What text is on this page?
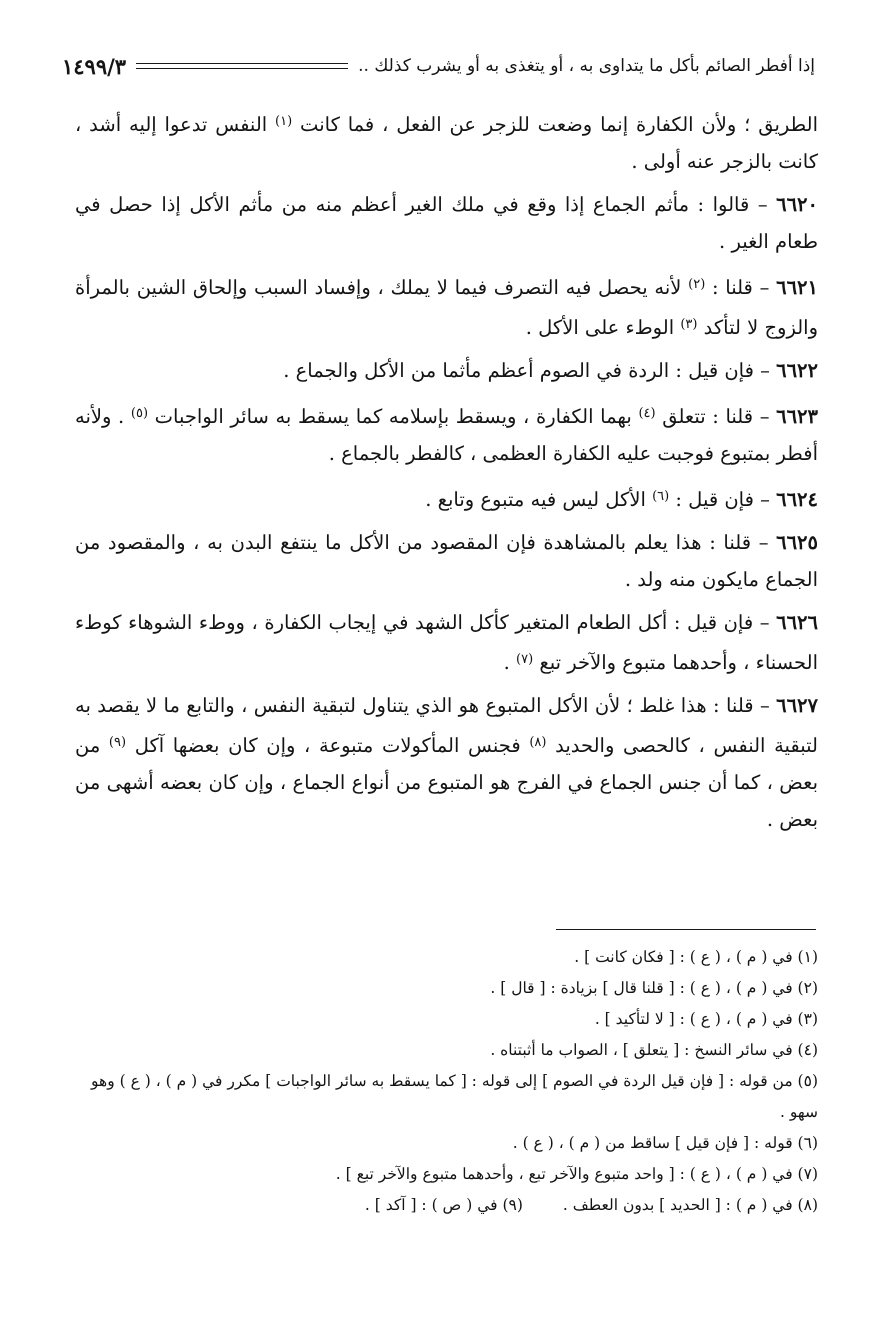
إذا أفطر الصائم بأكل ما يتداوى به ، أو يتغذى به أو يشرب كذلك ..
١٤٩٩/٣

الطريق ؛ ولأن الكفارة إنما وضعت للزجر عن الفعل ، فما كانت $^{(١)}$ النفس تدعوا إليه أشد ، كانت بالزجر عنه أولى .

٦٦٢٠ – قالوا : مأثم الجماع إذا وقع في ملك الغير أعظم منه من مأثم الأكل إذا حصل في طعام الغير .

٦٦٢١ – قلنا : $^{(٢)}$ لأنه يحصل فيه التصرف فيما لا يملك ، وإفساد السبب وإلحاق الشين بالمرأة والزوج لا لتأكد $^{(٣)}$ الوطء على الأكل .

٦٦٢٢ – فإن قيل : الردة في الصوم أعظم مأثما من الأكل والجماع .

٦٦٢٣ – قلنا : تتعلق $^{(٤)}$ بهما الكفارة ، ويسقط بإسلامه كما يسقط به سائر الواجبات $^{(٥)}$ . ولأنه أفطر بمتبوع فوجبت عليه الكفارة العظمى ، كالفطر بالجماع .

٦٦٢٤ – فإن قيل : $^{(٦)}$ الأكل ليس فيه متبوع وتابع .

٦٦٢٥ – قلنا : هذا يعلم بالمشاهدة فإن المقصود من الأكل ما ينتفع البدن به ، والمقصود من الجماع مايكون منه ولد .

٦٦٢٦ – فإن قيل : أكل الطعام المتغير كأكل الشهد في إيجاب الكفارة ، ووطء الشوهاء كوطء الحسناء ، وأحدهما متبوع والآخر تبع $^{(٧)}$ .

٦٦٢٧ – قلنا : هذا غلط ؛ لأن الأكل المتبوع هو الذي يتناول لتبقية النفس ، والتابع ما لا يقصد به لتبقية النفس ، كالحصى والحديد $^{(٨)}$ فجنس المأكولات متبوعة ، وإن كان بعضها آكل $^{(٩)}$ من بعض ، كما أن جنس الجماع في الفرج هو المتبوع من أنواع الجماع ، وإن كان بعضه أشهى من بعض .

(١) في ( م ) ، ( ع ) : [ فكان كانت ] .

(٢) في ( م ) ، ( ع ) : [ قلنا قال ] بزيادة : [ قال ] .

(٣) في ( م ) ، ( ع ) : [ لا لتأكيد ] .

(٤) في سائر النسخ : [ يتعلق ] ، الصواب ما أثبتناه .

(٥) من قوله : [ فإن قيل الردة في الصوم ] إلى قوله : [ كما يسقط به سائر الواجبات ] مكرر في ( م ) ، ( ع ) وهو سهو .

(٦) قوله : [ فإن قيل ] ساقط من ( م ) ، ( ع ) .

(٧) في ( م ) ، ( ع ) : [ واحد متبوع والآخر تبع ، وأحدهما متبوع والآخر تبع ] .

(٨) في ( م ) : [ الحديد ] بدون العطف .
(٩) في ( ص ) : [ آكد ] .
